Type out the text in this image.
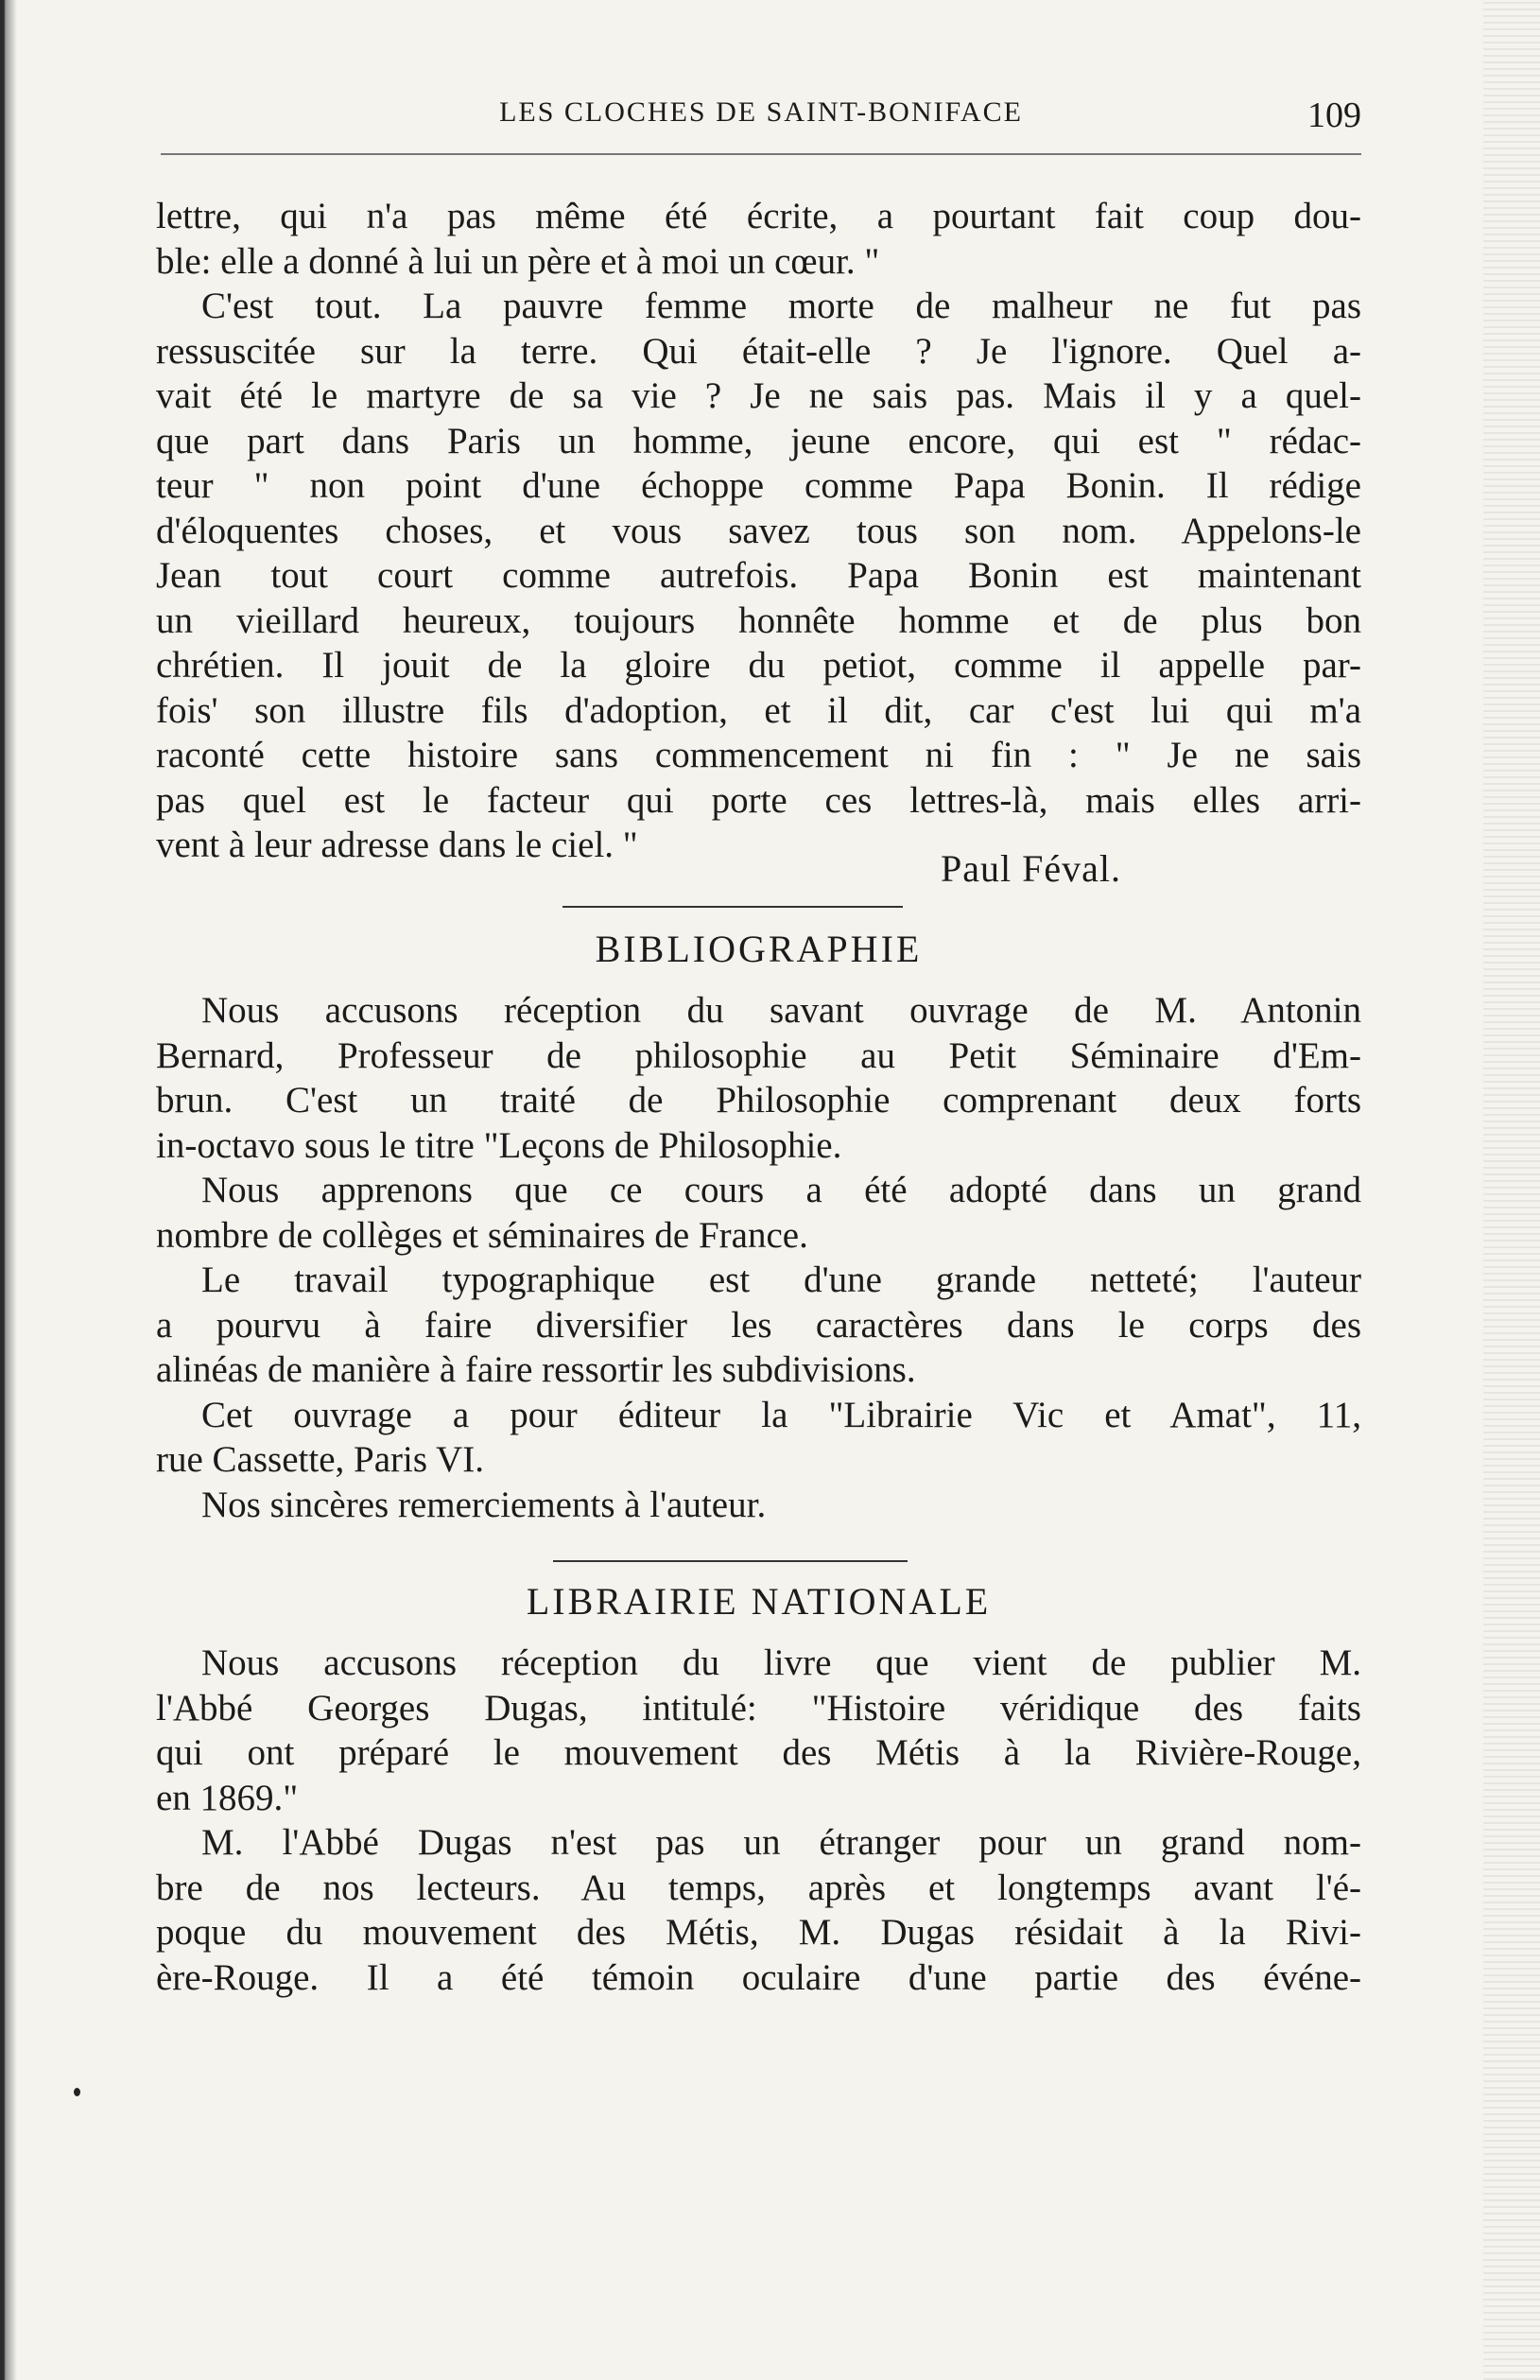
LES CLOCHES DE SAINT-BONIFACE	109
lettre, qui n'a pas même été écrite, a pourtant fait coup dou-
ble: elle a donné à lui un père et à moi un cœur. "
C'est tout. La pauvre femme morte de malheur ne fut pas
ressuscitée sur la terre. Qui était-elle ? Je l'ignore. Quel a-
vait été le martyre de sa vie ? Je ne sais pas. Mais il y a quel-
que part dans Paris un homme, jeune encore, qui est " rédac-
teur " non point d'une échoppe comme Papa Bonin. Il rédige
d'éloquentes choses, et vous savez tous son nom. Appelons-le
Jean tout court comme autrefois. Papa Bonin est maintenant
un vieillard heureux, toujours honnête homme et de plus bon
chrétien. Il jouit de la gloire du petiot, comme il appelle par-
fois' son illustre fils d'adoption, et il dit, car c'est lui qui m'a
raconté cette histoire sans commencement ni fin : " Je ne sais
pas quel est le facteur qui porte ces lettres-là, mais elles arri-
vent à leur adresse dans le ciel. "
Paul Féval.
BIBLIOGRAPHIE
Nous accusons réception du savant ouvrage de M. Antonin
Bernard, Professeur de philosophie au Petit Séminaire d'Em-
brun. C'est un traité de Philosophie comprenant deux forts
in-octavo sous le titre "Leçons de Philosophie.
Nous apprenons que ce cours a été adopté dans un grand
nombre de collèges et séminaires de France.
Le travail typographique est d'une grande netteté; l'auteur
a pourvu à faire diversifier les caractères dans le corps des
alinéas de manière à faire ressortir les subdivisions.
Cet ouvrage a pour éditeur la "Librairie Vic et Amat", 11,
rue Cassette, Paris VI.
Nos sincères remerciements à l'auteur.
LIBRAIRIE NATIONALE
Nous accusons réception du livre que vient de publier M.
l'Abbé Georges Dugas, intitulé: "Histoire véridique des faits
qui ont préparé le mouvement des Métis à la Rivière-Rouge,
en 1869."
M. l'Abbé Dugas n'est pas un étranger pour un grand nom-
bre de nos lecteurs. Au temps, après et longtemps avant l'é-
poque du mouvement des Métis, M. Dugas résidait à la Rivi-
ère-Rouge. Il a été témoin oculaire d'une partie des événe-
